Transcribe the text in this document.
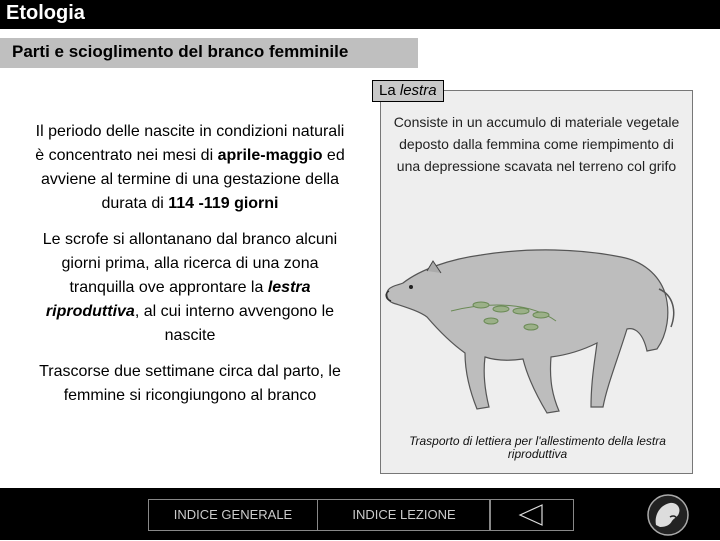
Etologia
Parti e scioglimento del branco femminile

Il periodo delle nascite in condizioni naturali è concentrato nei mesi di aprile-maggio ed avviene al termine di una gestazione della durata di 114 -119 giorni

Le scrofe si allontanano dal branco alcuni giorni prima, alla ricerca di una zona tranquilla ove approntare la lestra riproduttiva, al cui interno avvengono le nascite

Trascorse due settimane circa dal parto, le femmine si ricongiungono al branco

Consiste in un accumulo di materiale vegetale deposto dalla femmina come riempimento di una depressione scavata nel terreno col grifo
Trasporto di lettiera per l'allestimento della lestra riproduttiva
La lestra
INDICE GENERALE	INDICE LEZIONE
